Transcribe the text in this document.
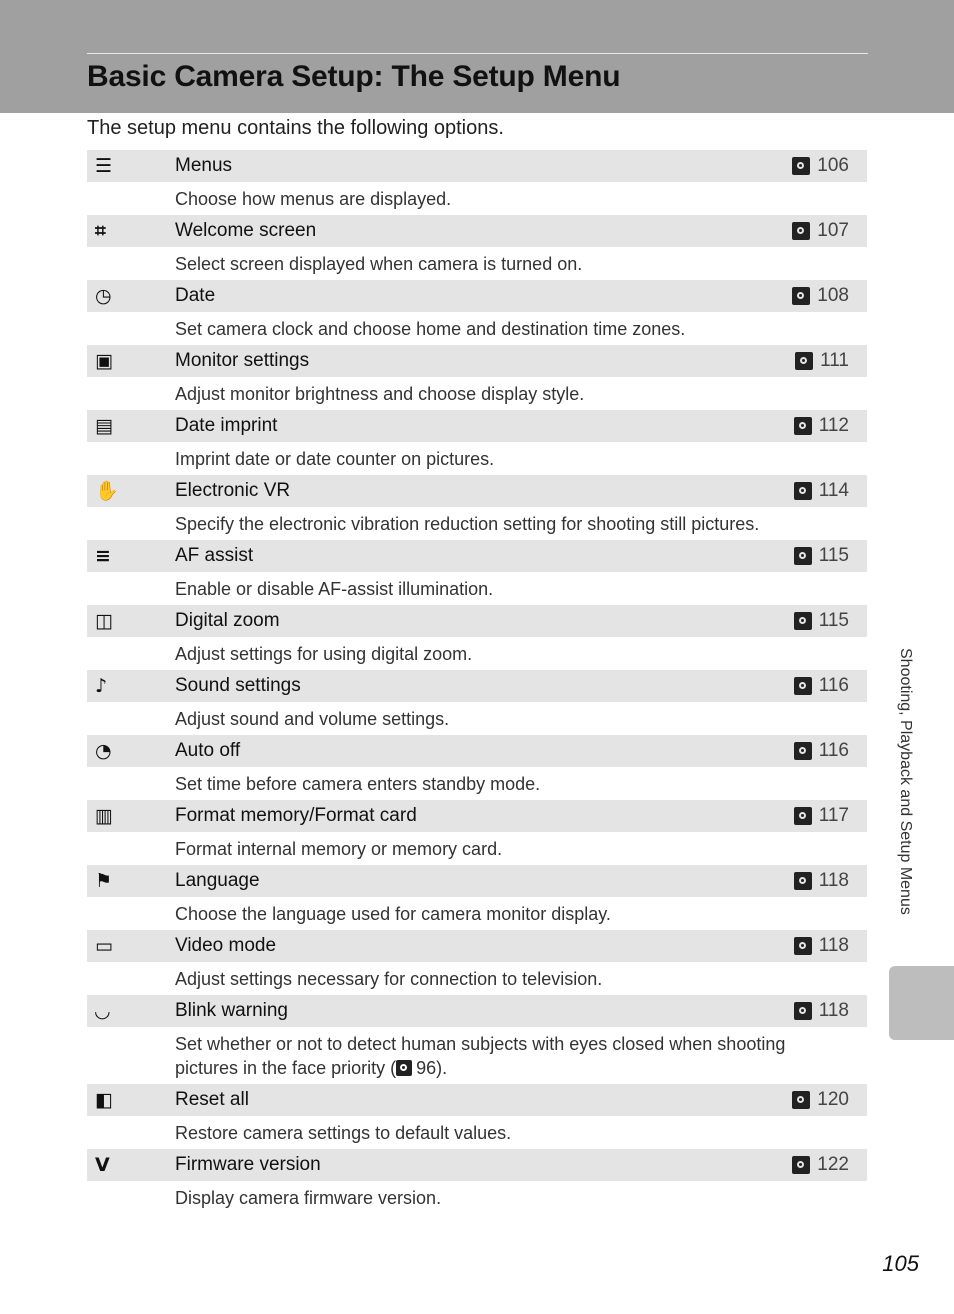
Basic Camera Setup: The Setup Menu
The setup menu contains the following options.
☰	Menus	106
Choose how menus are displayed.
⌗	Welcome screen	107
Select screen displayed when camera is turned on.
◷	Date	108
Set camera clock and choose home and destination time zones.
▣	Monitor settings	111
Adjust monitor brightness and choose display style.
▤	Date imprint	112
Imprint date or date counter on pictures.
✋	Electronic VR	114
Specify the electronic vibration reduction setting for shooting still pictures.
≡	AF assist	115
Enable or disable AF-assist illumination.
◫	Digital zoom	115
Adjust settings for using digital zoom.
♪	Sound settings	116
Adjust sound and volume settings.
◔	Auto off	116
Set time before camera enters standby mode.
▥	Format memory/Format card	117
Format internal memory or memory card.
⚑	Language	118
Choose the language used for camera monitor display.
▭	Video mode	118
Adjust settings necessary for connection to television.
◡	Blink warning	118
Set whether or not to detect human subjects with eyes closed when shooting pictures in the face priority ( 96).
◧	Reset all	120
Restore camera settings to default values.
V	Firmware version	122
Display camera firmware version.
Shooting, Playback and Setup Menus
105
